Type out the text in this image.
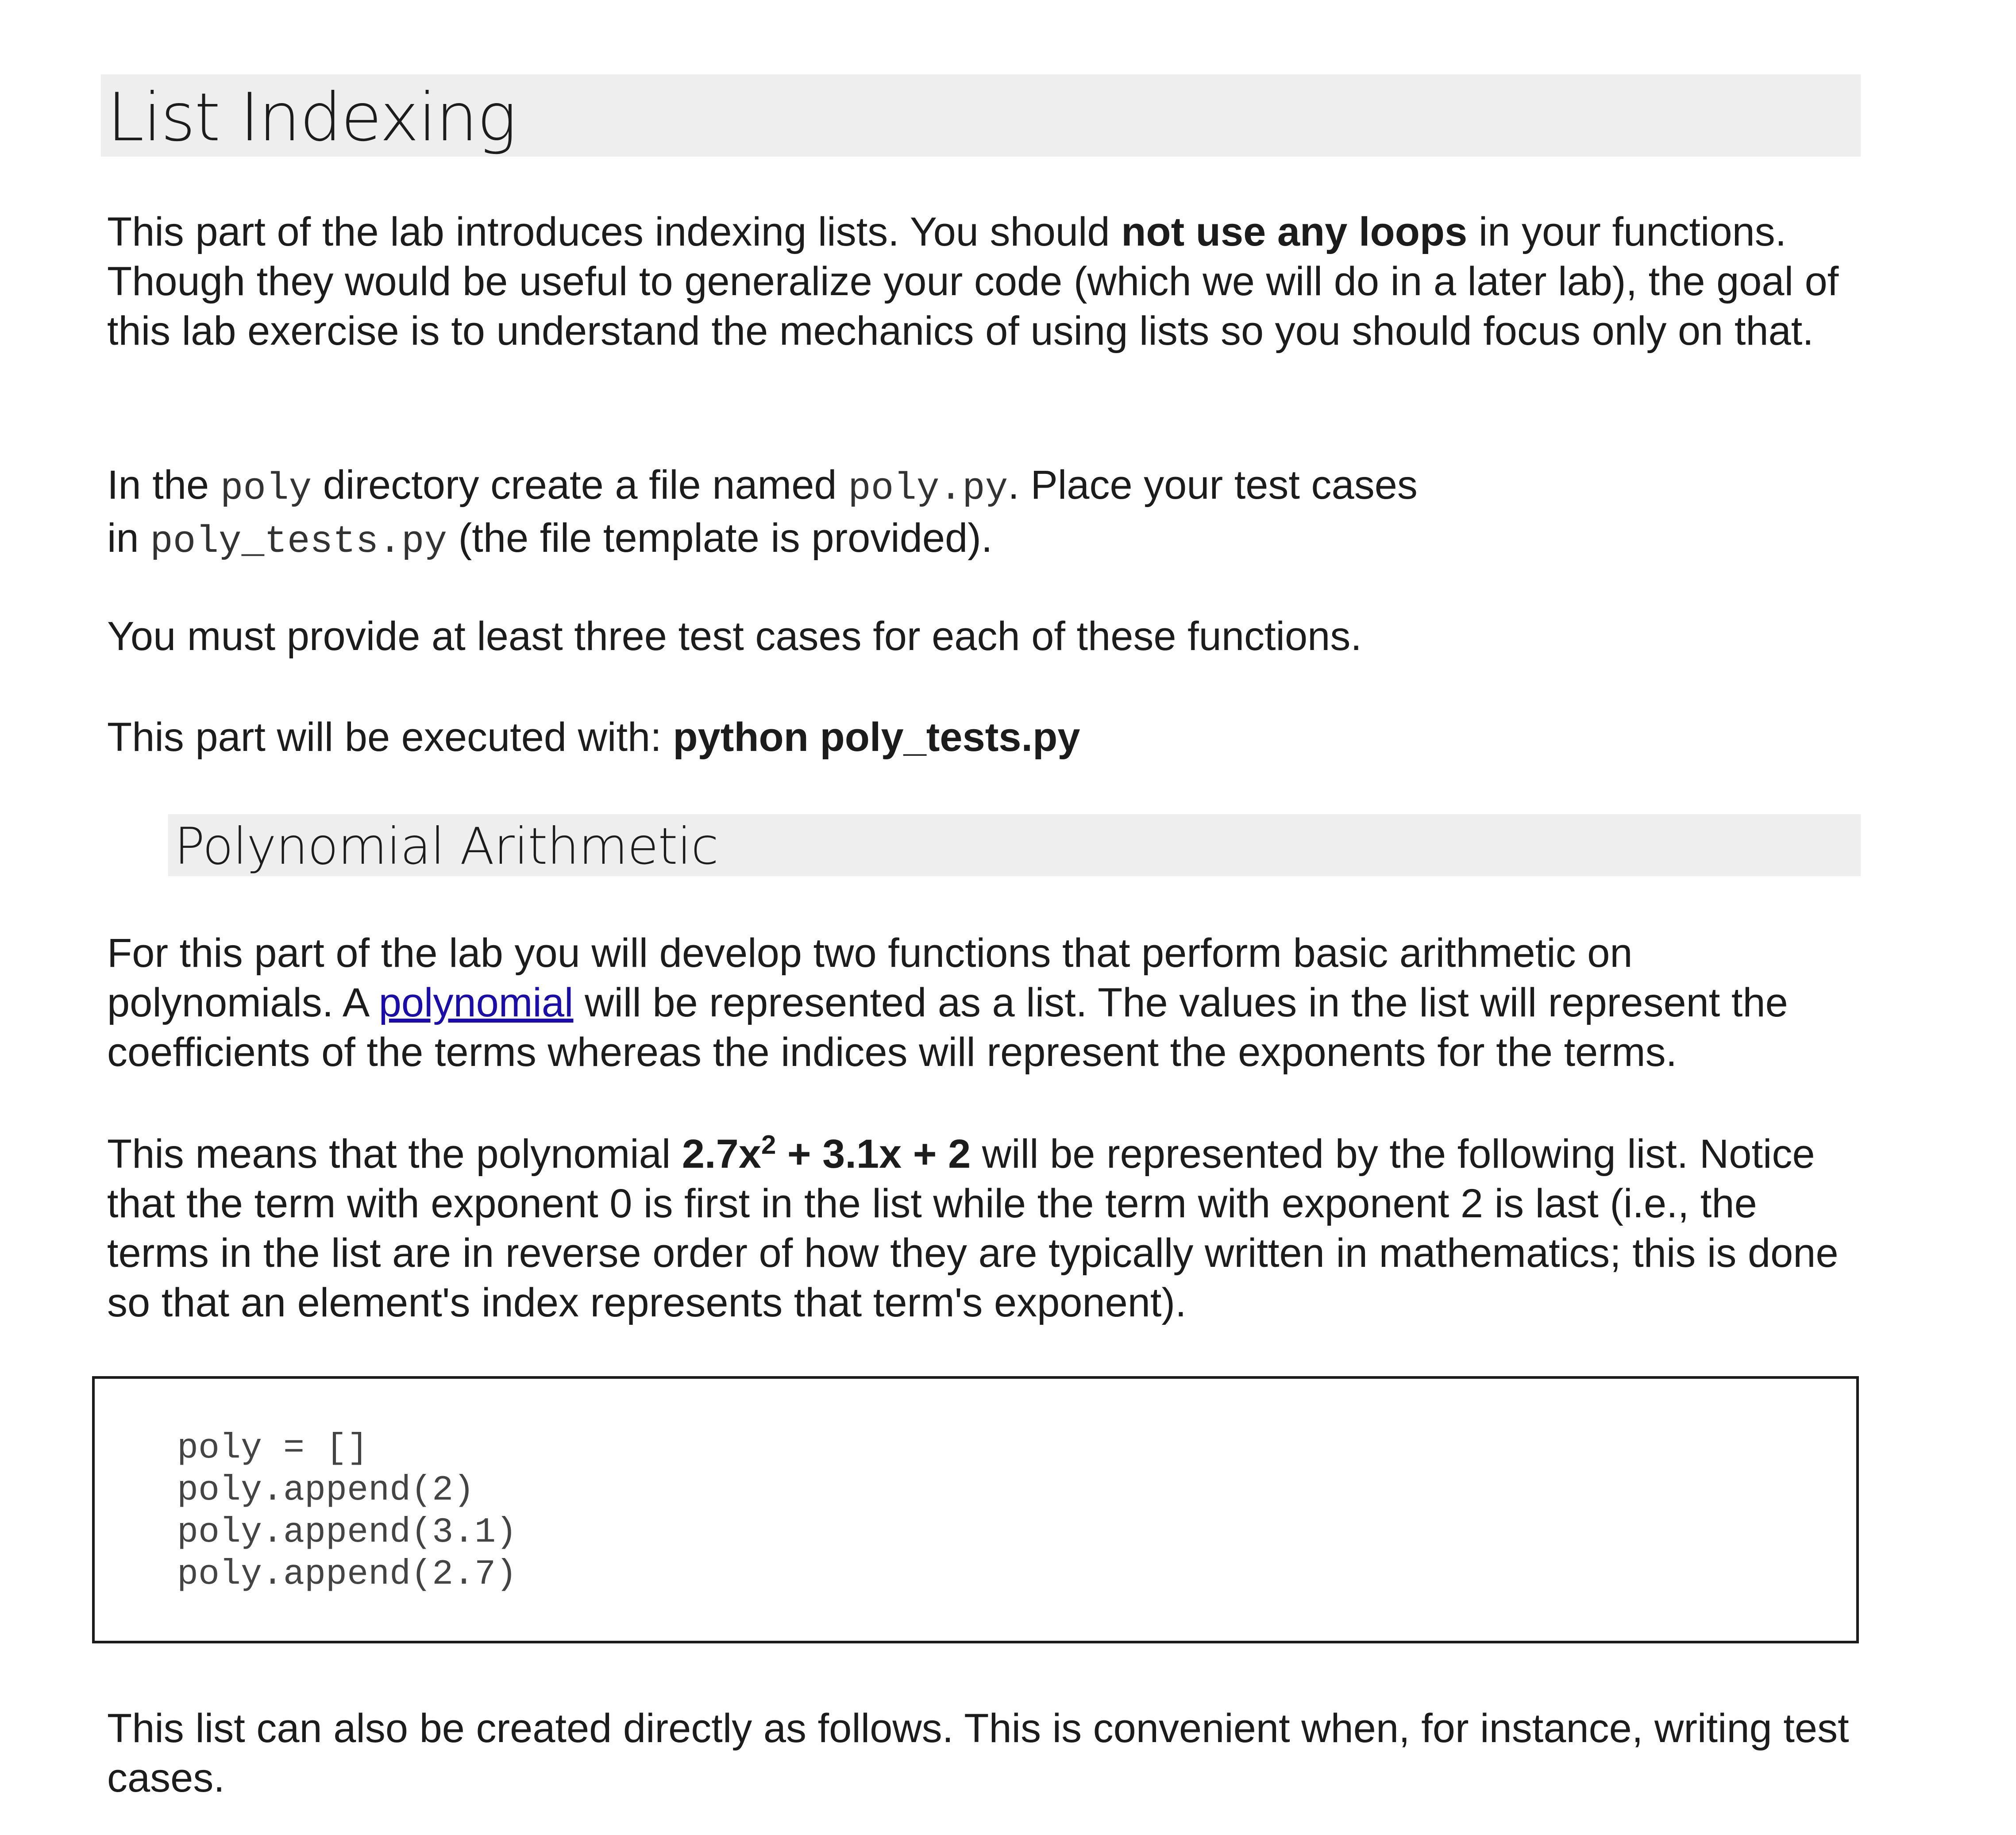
List Indexing

This part of the lab introduces indexing lists. You should not use any loops in your functions. Though they would be useful to generalize your code (which we will do in a later lab), the goal of this lab exercise is to understand the mechanics of using lists so you should focus only on that.

In the poly directory create a file named poly.py. Place your test cases
in poly_tests.py (the file template is provided).

You must provide at least three test cases for each of these functions.

This part will be executed with: python poly_tests.py

Polynomial Arithmetic

For this part of the lab you will develop two functions that perform basic arithmetic on polynomials. A polynomial will be represented as a list. The values in the list will represent the coefficients of the terms whereas the indices will represent the exponents for the terms.

This means that the polynomial $2.7x^2 + 3.1x + 2$ will be represented by the following list. Notice that the term with exponent 0 is first in the list while the term with exponent 2 is last (i.e., the terms in the list are in reverse order of how they are typically written in mathematics; this is done so that an element's index represents that term's exponent).

poly = []
poly.append(2)
poly.append(3.1)
poly.append(2.7)

This list can also be created directly as follows. This is convenient when, for instance, writing test cases.
